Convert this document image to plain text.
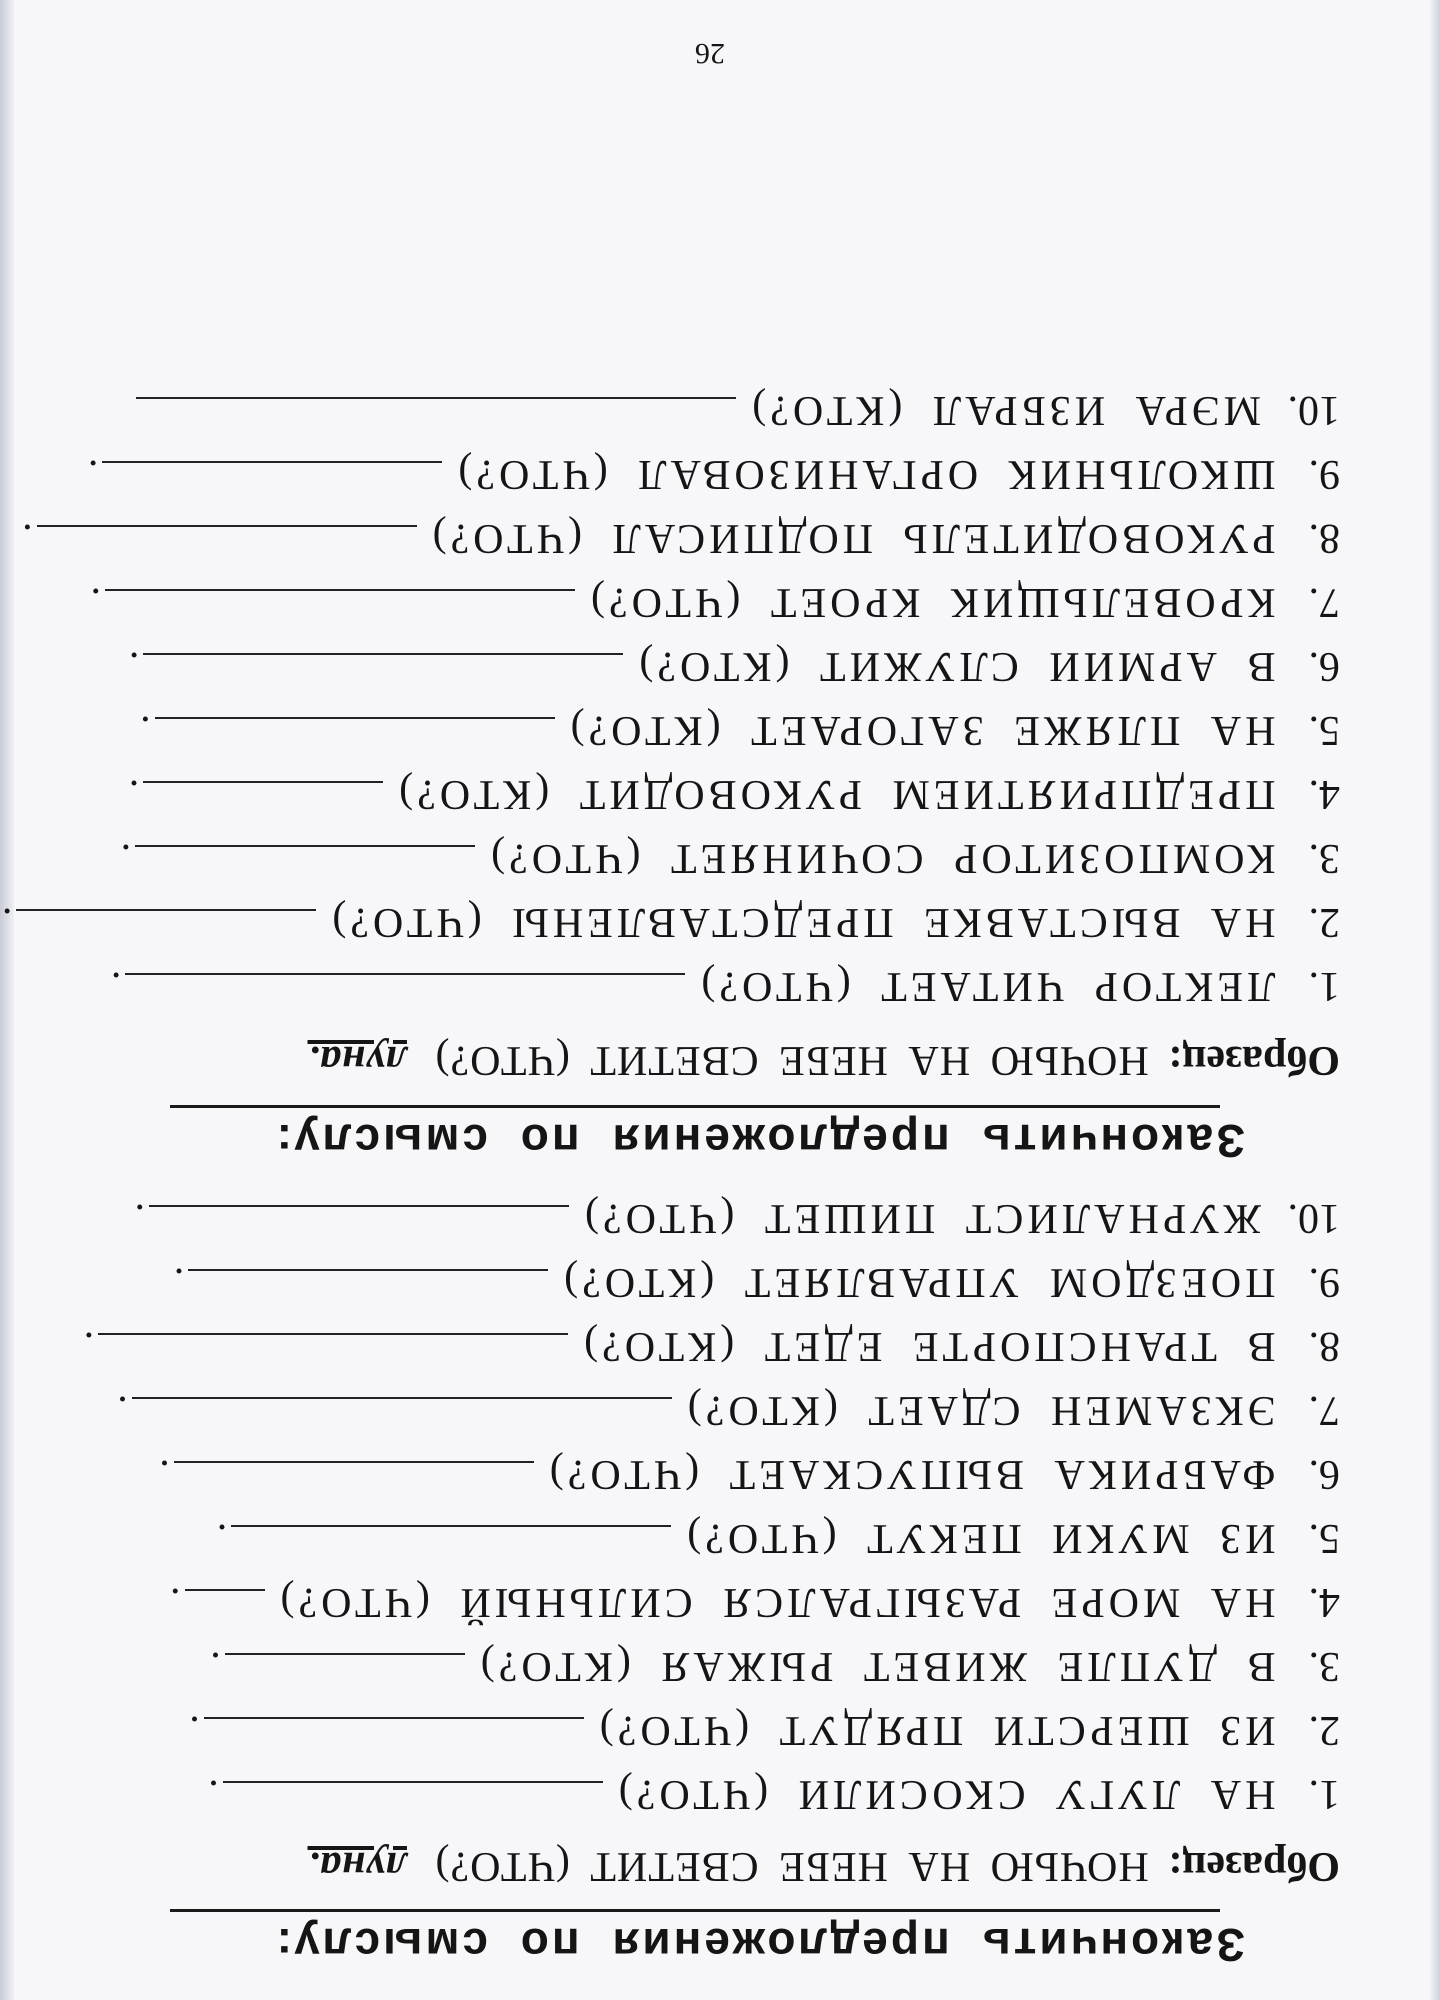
Закончить предложения по смыслу:
Образец: НОЧЬЮ НА НЕБЕ СВЕТИТ (ЧТО?) луна.
1. НА ЛУГУ СКОСИЛИ (ЧТО?).
2. ИЗ ШЕРСТИ ПРЯДУТ (ЧТО?).
3. В ДУПЛЕ ЖИВЕТ РЫЖАЯ (КТО?).
4. НА МОРЕ РАЗЫГРАЛСЯ СИЛЬНЫЙ (ЧТО?).
5. ИЗ МУКИ ПЕКУТ (ЧТО?).
6. ФАБРИКА ВЫПУСКАЕТ (ЧТО?).
7. ЭКЗАМЕН СДАЕТ (КТО?).
8. В ТРАНСПОРТЕ ЕДЕТ (КТО?).
9. ПОЕЗДОМ УПРАВЛЯЕТ (КТО?).
10. ЖУРНАЛИСТ ПИШЕТ (ЧТО?).
Закончить предложения по смыслу:
Образец: НОЧЬЮ НА НЕБЕ СВЕТИТ (ЧТО?) луна.
1. ЛЕКТОР ЧИТАЕТ (ЧТО?).
2. НА ВЫСТАВКЕ ПРЕДСТАВЛЕНЫ (ЧТО?).
3. КОМПОЗИТОР СОЧИНЯЕТ (ЧТО?).
4. ПРЕДПРИЯТИЕМ РУКОВОДИТ (КТО?).
5. НА ПЛЯЖЕ ЗАГОРАЕТ (КТО?).
6. В АРМИИ СЛУЖИТ (КТО?).
7. КРОВЕЛЬЩИК КРОЕТ (ЧТО?).
8. РУКОВОДИТЕЛЬ ПОДПИСАЛ (ЧТО?).
9. ШКОЛЬНИК ОРГАНИЗОВАЛ (ЧТО?).
10. МЭРА ИЗБРАЛ (КТО?)
26
